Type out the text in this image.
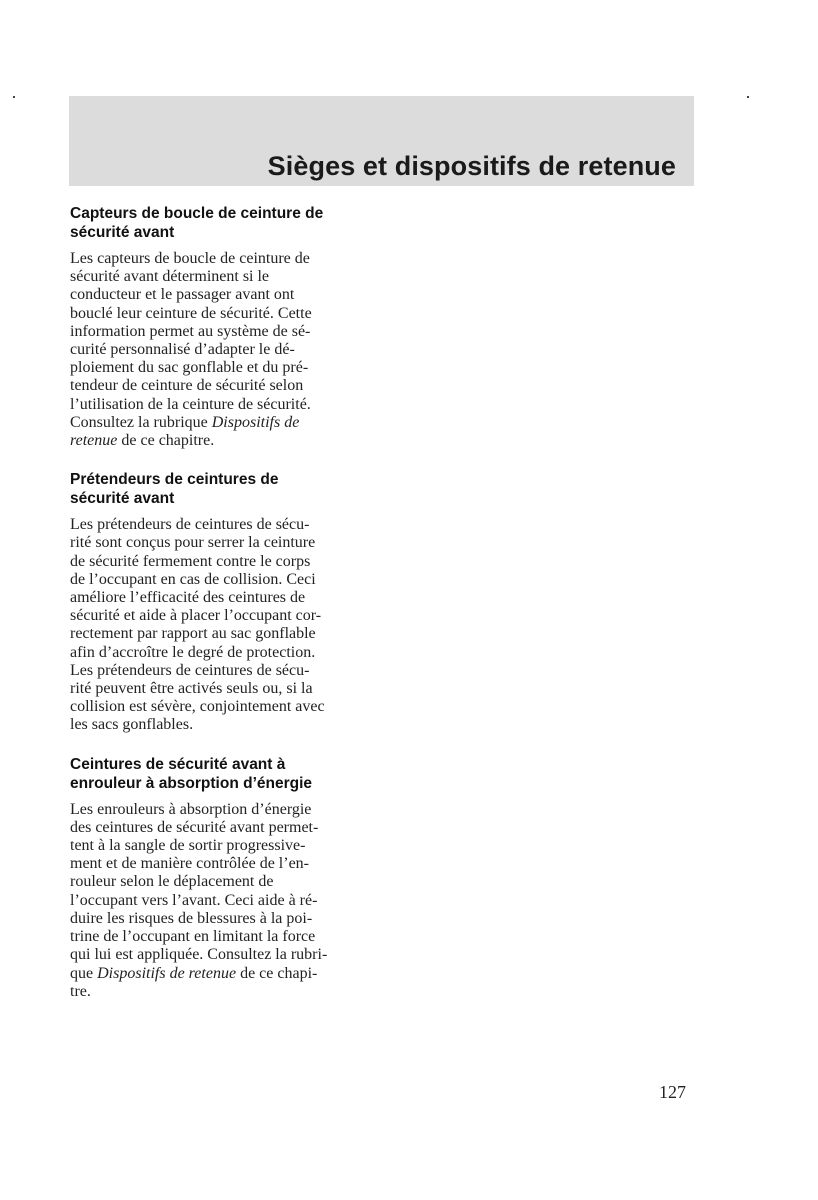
Sièges et dispositifs de retenue
Capteurs de boucle de ceinture de
sécurité avant

Les capteurs de boucle de ceinture de
sécurité avant déterminent si le
conducteur et le passager avant ont
bouclé leur ceinture de sécurité. Cette
information permet au système de sé-
curité personnalisé d’adapter le dé-
ploiement du sac gonflable et du pré-
tendeur de ceinture de sécurité selon
l’utilisation de la ceinture de sécurité.
Consultez la rubrique Dispositifs de
retenue de ce chapitre.

Prétendeurs de ceintures de
sécurité avant

Les prétendeurs de ceintures de sécu-
rité sont conçus pour serrer la ceinture
de sécurité fermement contre le corps
de l’occupant en cas de collision. Ceci
améliore l’efficacité des ceintures de
sécurité et aide à placer l’occupant cor-
rectement par rapport au sac gonflable
afin d’accroître le degré de protection.
Les prétendeurs de ceintures de sécu-
rité peuvent être activés seuls ou, si la
collision est sévère, conjointement avec
les sacs gonflables.

Ceintures de sécurité avant à
enrouleur à absorption d’énergie

Les enrouleurs à absorption d’énergie
des ceintures de sécurité avant permet-
tent à la sangle de sortir progressive-
ment et de manière contrôlée de l’en-
rouleur selon le déplacement de
l’occupant vers l’avant. Ceci aide à ré-
duire les risques de blessures à la poi-
trine de l’occupant en limitant la force
qui lui est appliquée. Consultez la rubri-
que Dispositifs de retenue de ce chapi-
tre.

127
